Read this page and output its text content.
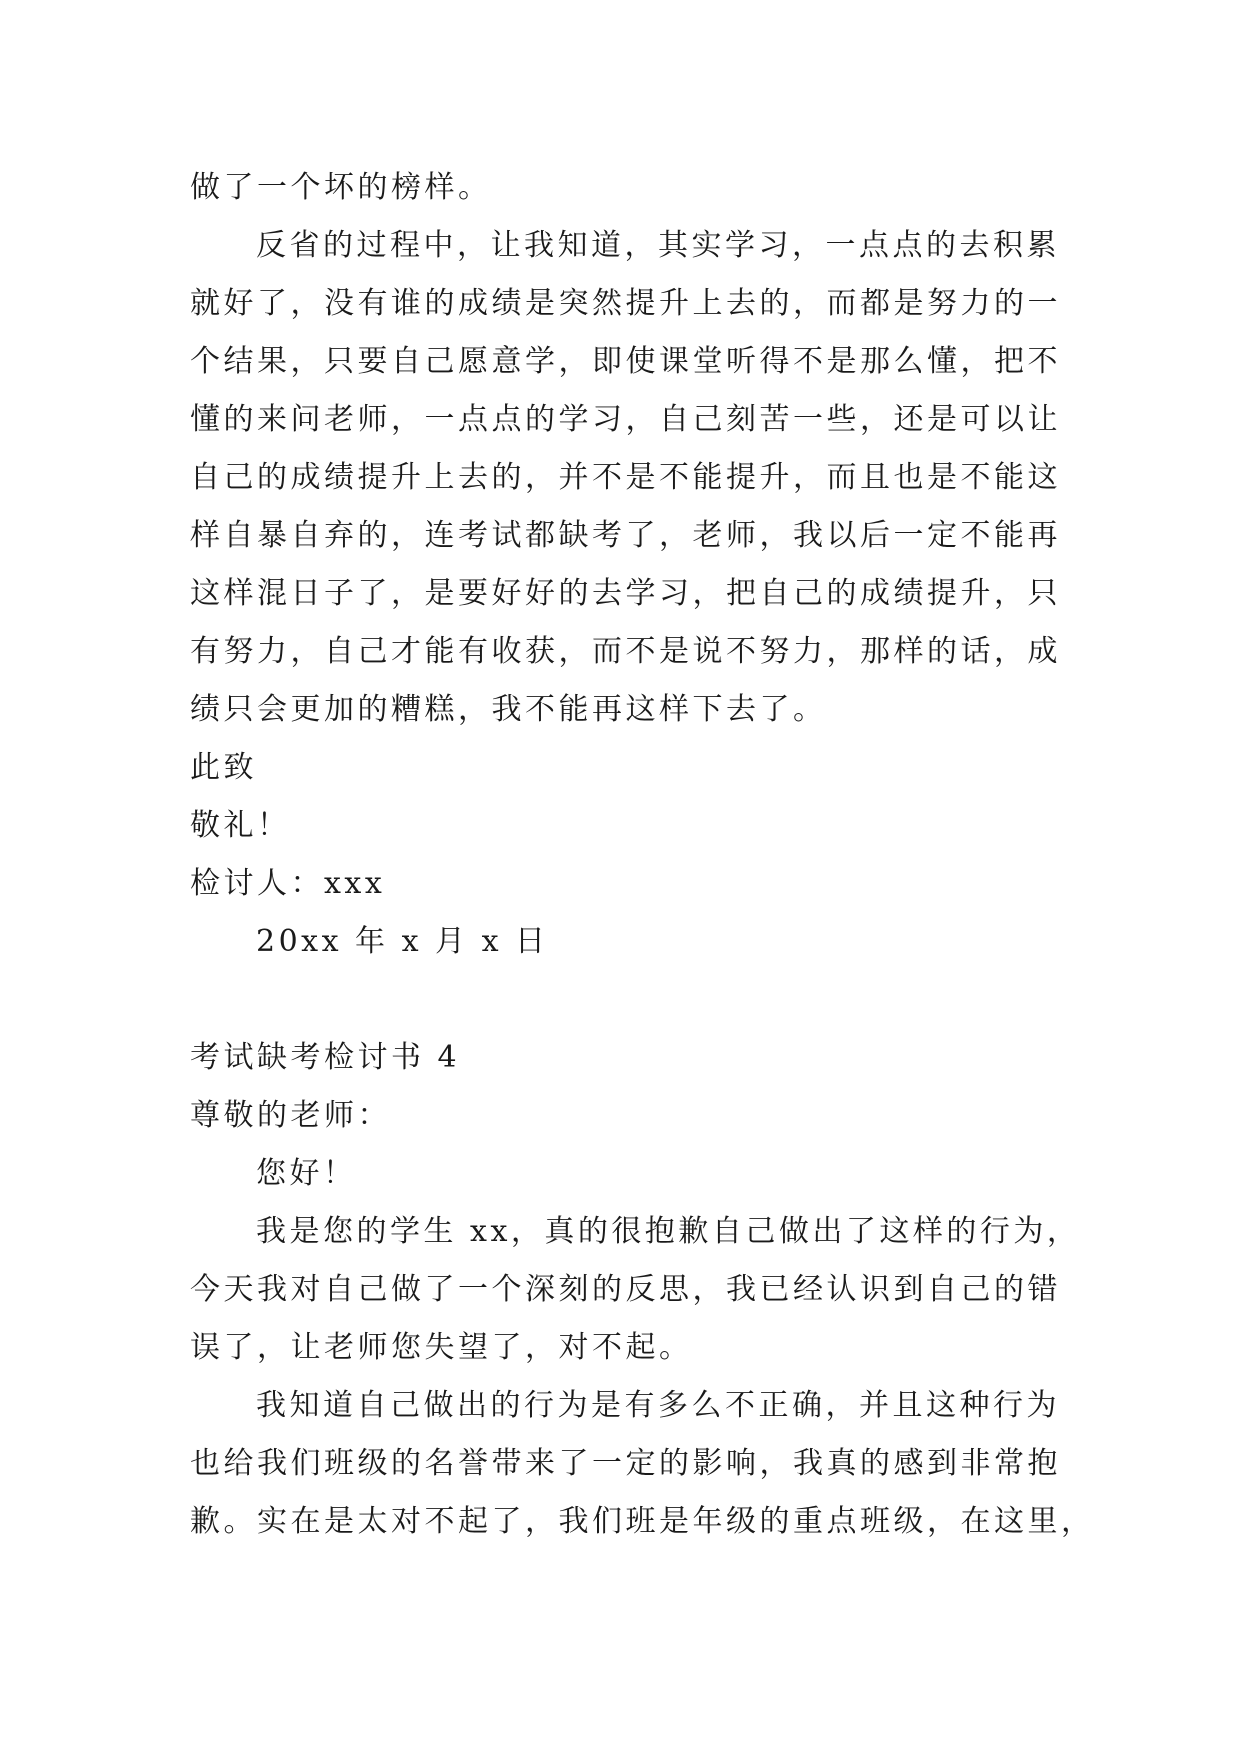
做了一个坏的榜样。
反省的过程中，让我知道，其实学习，一点点的去积累
就好了，没有谁的成绩是突然提升上去的，而都是努力的一
个结果，只要自己愿意学，即使课堂听得不是那么懂，把不
懂的来问老师，一点点的学习，自己刻苦一些，还是可以让
自己的成绩提升上去的，并不是不能提升，而且也是不能这
样自暴自弃的，连考试都缺考了，老师，我以后一定不能再
这样混日子了，是要好好的去学习，把自己的成绩提升，只
有努力，自己才能有收获，而不是说不努力，那样的话，成
绩只会更加的糟糕，我不能再这样下去了。
此致
敬礼！
检讨人：xxx
20xx 年 x 月 x 日
考试缺考检讨书 4
尊敬的老师：
您好！
我是您的学生 xx，真的很抱歉自己做出了这样的行为，
今天我对自己做了一个深刻的反思，我已经认识到自己的错
误了，让老师您失望了，对不起。
我知道自己做出的行为是有多么不正确，并且这种行为
也给我们班级的名誉带来了一定的影响，我真的感到非常抱
歉。实在是太对不起了，我们班是年级的重点班级，在这里，
